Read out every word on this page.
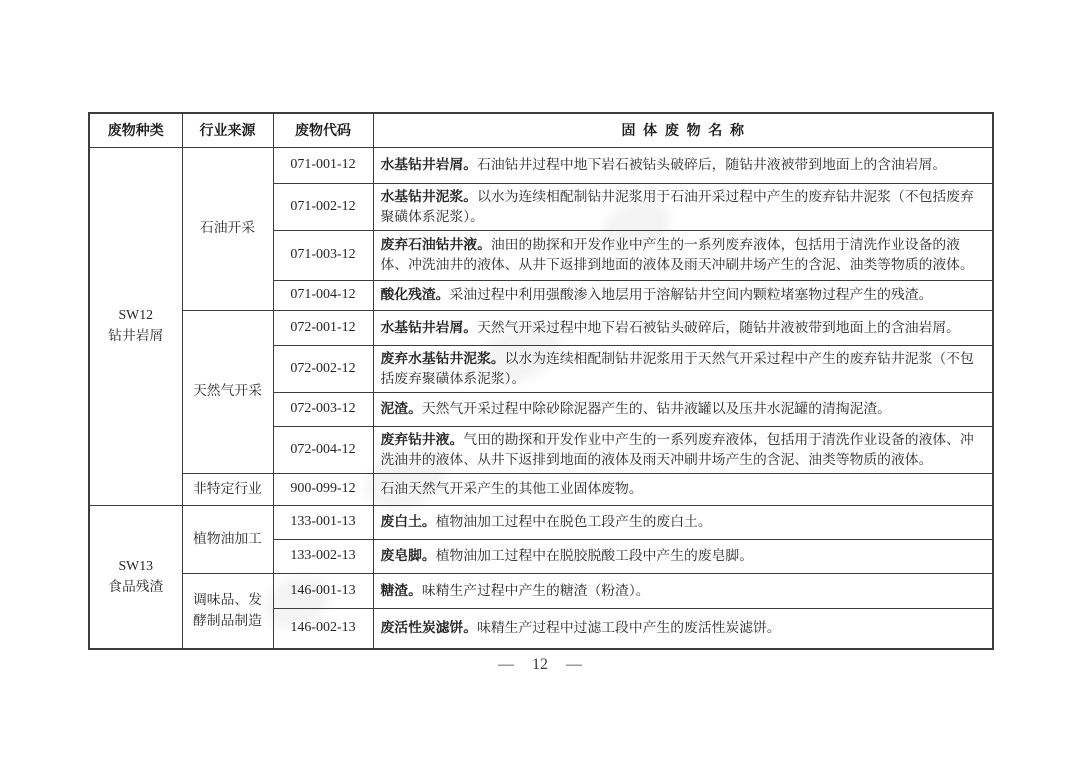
废物种类	行业来源	废物代码	固体废物名称

SW12
钻井岩屑	石油开采	071-001-12	水基钻井岩屑。石油钻井过程中地下岩石被钻头破碎后，随钻井液被带到地面上的含油岩屑。
		071-002-12	水基钻井泥浆。以水为连续相配制钻井泥浆用于石油开采过程中产生的废弃钻井泥浆（不包括废弃聚磺体系泥浆）。
		071-003-12	废弃石油钻井液。油田的勘探和开发作业中产生的一系列废弃液体，包括用于清洗作业设备的液体、冲洗油井的液体、从井下返排到地面的液体及雨天冲刷井场产生的含泥、油类等物质的液体。
		071-004-12	酸化残渣。采油过程中利用强酸渗入地层用于溶解钻井空间内颗粒堵塞物过程产生的残渣。
	天然气开采	072-001-12	水基钻井岩屑。天然气开采过程中地下岩石被钻头破碎后，随钻井液被带到地面上的含油岩屑。
		072-002-12	废弃水基钻井泥浆。以水为连续相配制钻井泥浆用于天然气开采过程中产生的废弃钻井泥浆（不包括废弃聚磺体系泥浆）。
		072-003-12	泥渣。天然气开采过程中除砂除泥器产生的、钻井液罐以及压井水泥罐的清掏泥渣。
		072-004-12	废弃钻井液。气田的勘探和开发作业中产生的一系列废弃液体，包括用于清洗作业设备的液体、冲洗油井的液体、从井下返排到地面的液体及雨天冲刷井场产生的含泥、油类等物质的液体。
	非特定行业	900-099-12	石油天然气开采产生的其他工业固体废物。

SW13
食品残渣	植物油加工	133-001-13	废白土。植物油加工过程中在脱色工段产生的废白土。
		133-002-13	废皂脚。植物油加工过程中在脱胶脱酸工段中产生的废皂脚。
	调味品、发酵制品制造	146-001-13	糖渣。味精生产过程中产生的糖渣（粉渣）。
		146-002-13	废活性炭滤饼。味精生产过程中过滤工段中产生的废活性炭滤饼。
— 12 —
